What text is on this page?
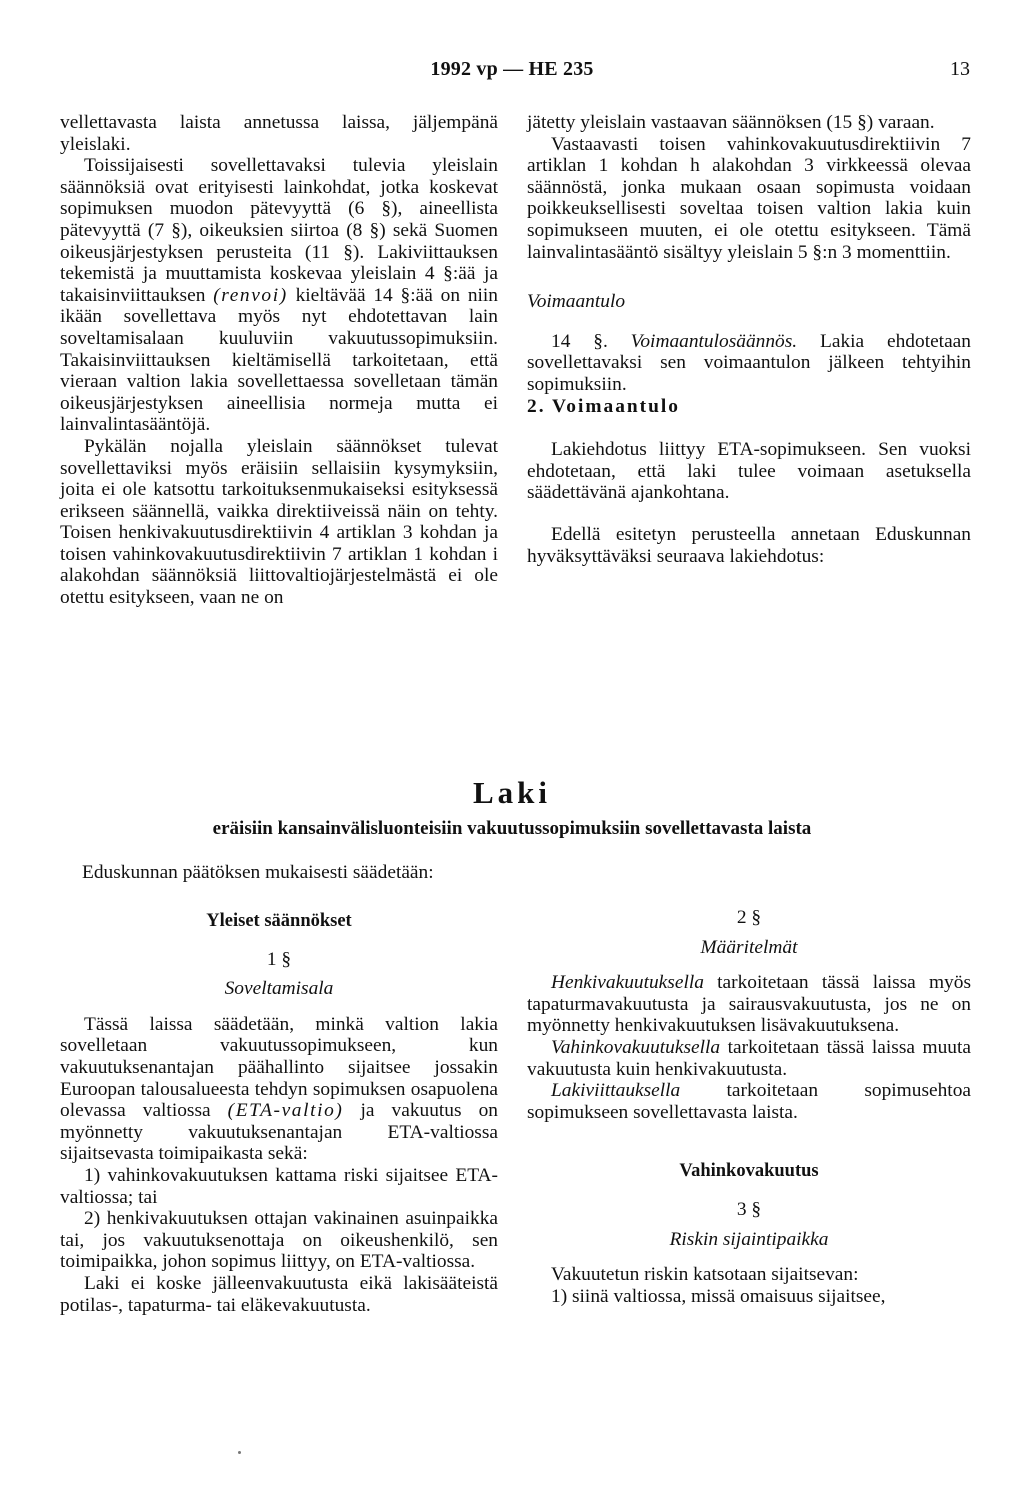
1992 vp — HE 235	13

vellettavasta laista annetussa laissa, jäljempänä yleislaki.

Toissijaisesti sovellettavaksi tulevia yleislain säännöksiä ovat erityisesti lainkohdat, jotka koskevat sopimuksen muodon pätevyyttä (6 §), aineellista pätevyyttä (7 §), oikeuksien siirtoa (8 §) sekä Suomen oikeusjärjestyksen perusteita (11 §). Lakiviittauksen tekemistä ja muuttamista koskevaa yleislain 4 §:ää ja takaisinviittauksen (renvoi) kieltävää 14 §:ää on niin ikään sovellettava myös nyt ehdotettavan lain soveltamisalaan kuuluviin vakuutussopimuksiin. Takaisinviittauksen kieltämisellä tarkoitetaan, että vieraan valtion lakia sovellettaessa sovelletaan tämän oikeusjärjestyksen aineellisia normeja mutta ei lainvalintasääntöjä.

Pykälän nojalla yleislain säännökset tulevat sovellettaviksi myös eräisiin sellaisiin kysymyksiin, joita ei ole katsottu tarkoituksenmukaiseksi esityksessä erikseen säännellä, vaikka direktiiveissä näin on tehty. Toisen henkivakuutusdirektiivin 4 artiklan 3 kohdan ja toisen vahinkovakuutusdirektiivin 7 artiklan 1 kohdan i alakohdan säännöksiä liittovaltiojärjestelmästä ei ole otettu esitykseen, vaan ne on

jätetty yleislain vastaavan säännöksen (15 §) varaan.

Vastaavasti toisen vahinkovakuutusdirektiivin 7 artiklan 1 kohdan h alakohdan 3 virkkeessä olevaa säännöstä, jonka mukaan osaan sopimusta voidaan poikkeuksellisesti soveltaa toisen valtion lakia kuin sopimukseen muuten, ei ole otettu esitykseen. Tämä lainvalintasääntö sisältyy yleislain 5 §:n 3 momenttiin.

Voimaantulo

14 §. Voimaantulosäännös. Lakia ehdotetaan sovellettavaksi sen voimaantulon jälkeen tehtyihin sopimuksiin.

2. Voimaantulo

Lakiehdotus liittyy ETA-sopimukseen. Sen vuoksi ehdotetaan, että laki tulee voimaan asetuksella säädettävänä ajankohtana.

Edellä esitetyn perusteella annetaan Eduskunnan hyväksyttäväksi seuraava lakiehdotus:

Laki
eräisiin kansainvälisluonteisiin vakuutussopimuksiin sovellettavasta laista
Eduskunnan päätöksen mukaisesti säädetään:

Yleiset säännökset

1 §

Soveltamisala

Tässä laissa säädetään, minkä valtion lakia sovelletaan vakuutussopimukseen, kun vakuutuksenantajan päähallinto sijaitsee jossakin Euroopan talousalueesta tehdyn sopimuksen osapuolena olevassa valtiossa (ETA-valtio) ja vakuutus on myönnetty vakuutuksenantajan ETA-valtiossa sijaitsevasta toimipaikasta sekä:

1) vahinkovakuutuksen kattama riski sijaitsee ETA-valtiossa; tai

2) henkivakuutuksen ottajan vakinainen asuinpaikka tai, jos vakuutuksenottaja on oikeushenkilö, sen toimipaikka, johon sopimus liittyy, on ETA-valtiossa.

Laki ei koske jälleenvakuutusta eikä lakisääteistä potilas-, tapaturma- tai eläkevakuutusta.

2 §

Määritelmät

Henkivakuutuksella tarkoitetaan tässä laissa myös tapaturmavakuutusta ja sairausvakuutusta, jos ne on myönnetty henkivakuutuksen lisävakuutuksena.

Vahinkovakuutuksella tarkoitetaan tässä laissa muuta vakuutusta kuin henkivakuutusta.

Lakiviittauksella tarkoitetaan sopimusehtoa sopimukseen sovellettavasta laista.

Vahinkovakuutus

3 §

Riskin sijaintipaikka

Vakuutetun riskin katsotaan sijaitsevan:

1) siinä valtiossa, missä omaisuus sijaitsee,
